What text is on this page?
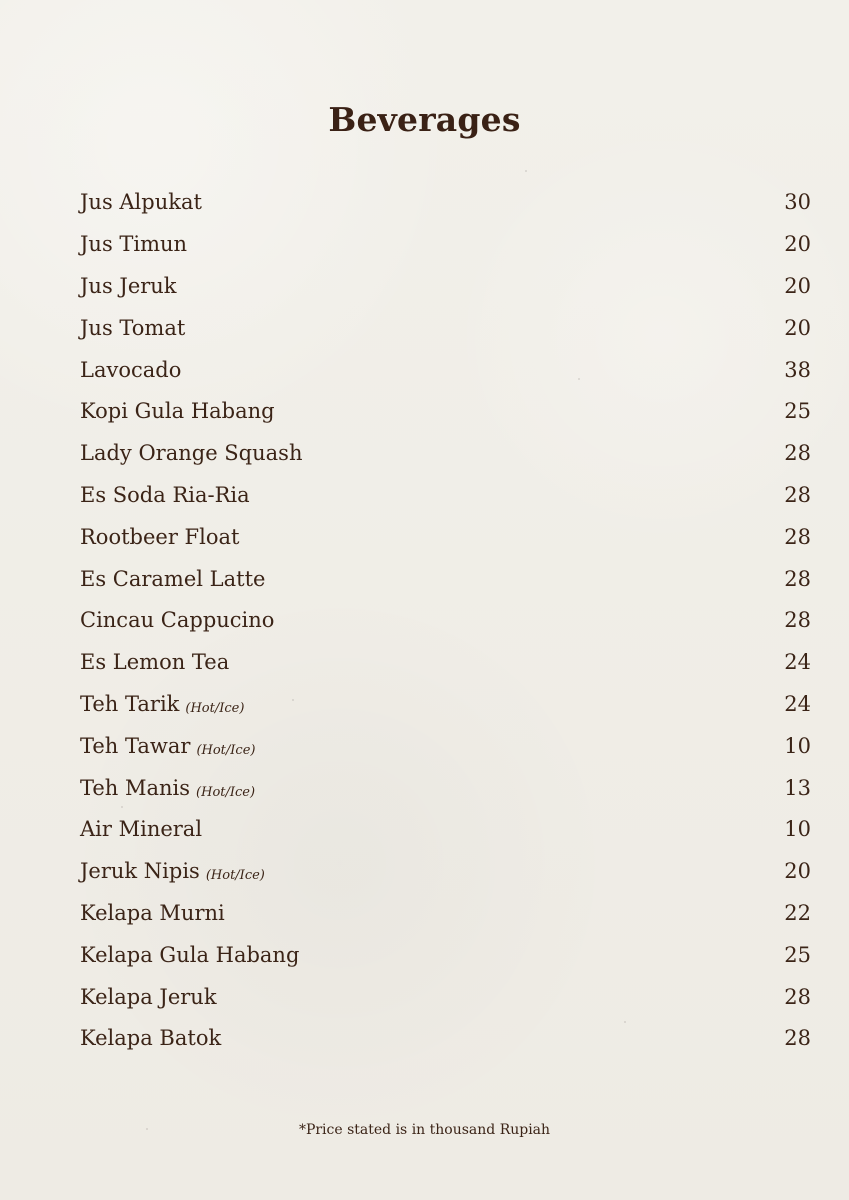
Beverages
Jus Alpukat	30
Jus Timun	20
Jus Jeruk	20
Jus Tomat	20
Lavocado	38
Kopi Gula Habang	25
Lady Orange Squash	28
Es Soda Ria-Ria	28
Rootbeer Float	28
Es Caramel Latte	28
Cincau Cappucino	28
Es Lemon Tea	24
Teh Tarik (Hot/Ice)	24
Teh Tawar (Hot/Ice)	10
Teh Manis (Hot/Ice)	13
Air Mineral	10
Jeruk Nipis (Hot/Ice)	20
Kelapa Murni	22
Kelapa Gula Habang	25
Kelapa Jeruk	28
Kelapa Batok	28
*Price stated is in thousand Rupiah
